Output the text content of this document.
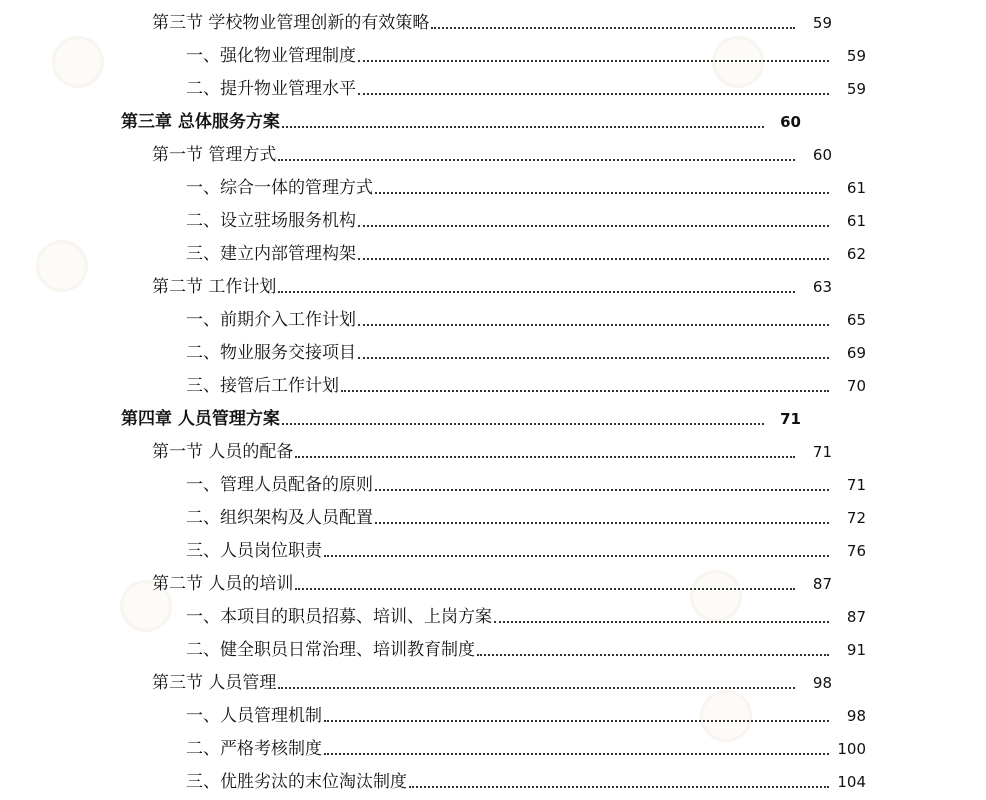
第三节 学校物业管理创新的有效策略	59
一、强化物业管理制度	59
二、提升物业管理水平	59
第三章 总体服务方案	60
第一节 管理方式	60
一、综合一体的管理方式	61
二、设立驻场服务机构	61
三、建立内部管理构架	62
第二节 工作计划	63
一、前期介入工作计划	65
二、物业服务交接项目	69
三、接管后工作计划	70
第四章 人员管理方案	71
第一节 人员的配备	71
一、管理人员配备的原则	71
二、组织架构及人员配置	72
三、人员岗位职责	76
第二节 人员的培训	87
一、本项目的职员招募、培训、上岗方案	87
二、健全职员日常治理、培训教育制度	91
第三节 人员管理	98
一、人员管理机制	98
二、严格考核制度	100
三、优胜劣汰的末位淘汰制度	104
